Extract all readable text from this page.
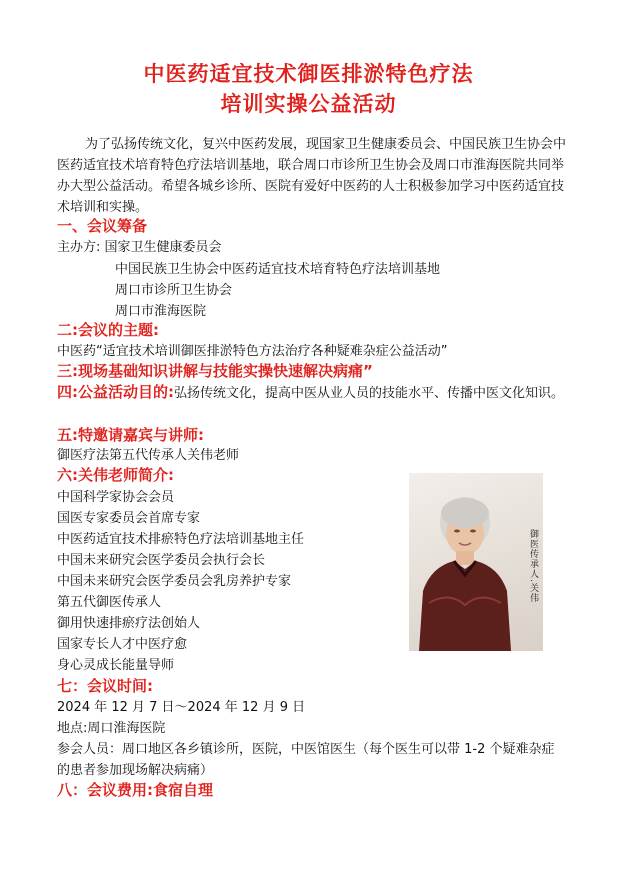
中医药适宜技术御医排淤特色疗法
培训实操公益活动

为了弘扬传统文化，复兴中医药发展，现国家卫生健康委员会、中国民族卫生协会中医药适宜技术培育特色疗法培训基地，联合周口市诊所卫生协会及周口市淮海医院共同举办大型公益活动。希望各城乡诊所、医院有爱好中医药的人士积极参加学习中医药适宜技术培训和实操。

一、会议筹备
主办方: 国家卫生健康委员会
中国民族卫生协会中医药适宜技术培育特色疗法培训基地
周口市诊所卫生协会
周口市淮海医院
二:会议的主题:
中医药“适宜技术培训御医排淤特色方法治疗各种疑难杂症公益活动”
三:现场基础知识讲解与技能实操快速解决病痛”
四:公益活动目的:弘扬传统文化，提高中医从业人员的技能水平、传播中医文化知识。
五:特邀请嘉宾与讲师:
御医疗法第五代传承人关伟老师
六:关伟老师简介:
中国科学家协会会员
国医专家委员会首席专家
中医药适宜技术排瘀特色疗法培训基地主任
中国未来研究会医学委员会执行会长
中国未来研究会医学委员会乳房养护专家
第五代御医传承人
御用快速排瘀疗法创始人
国家专长人才中医疗愈
身心灵成长能量导师
御医传承人.关伟
七：会议时间:
2024 年 12 月 7 日～2024 年 12 月 9 日
地点:周口淮海医院
参会人员：周口地区各乡镇诊所，医院，中医馆医生（每个医生可以带 1-2 个疑难杂症的患者参加现场解决病痛）
八：会议费用:食宿自理
